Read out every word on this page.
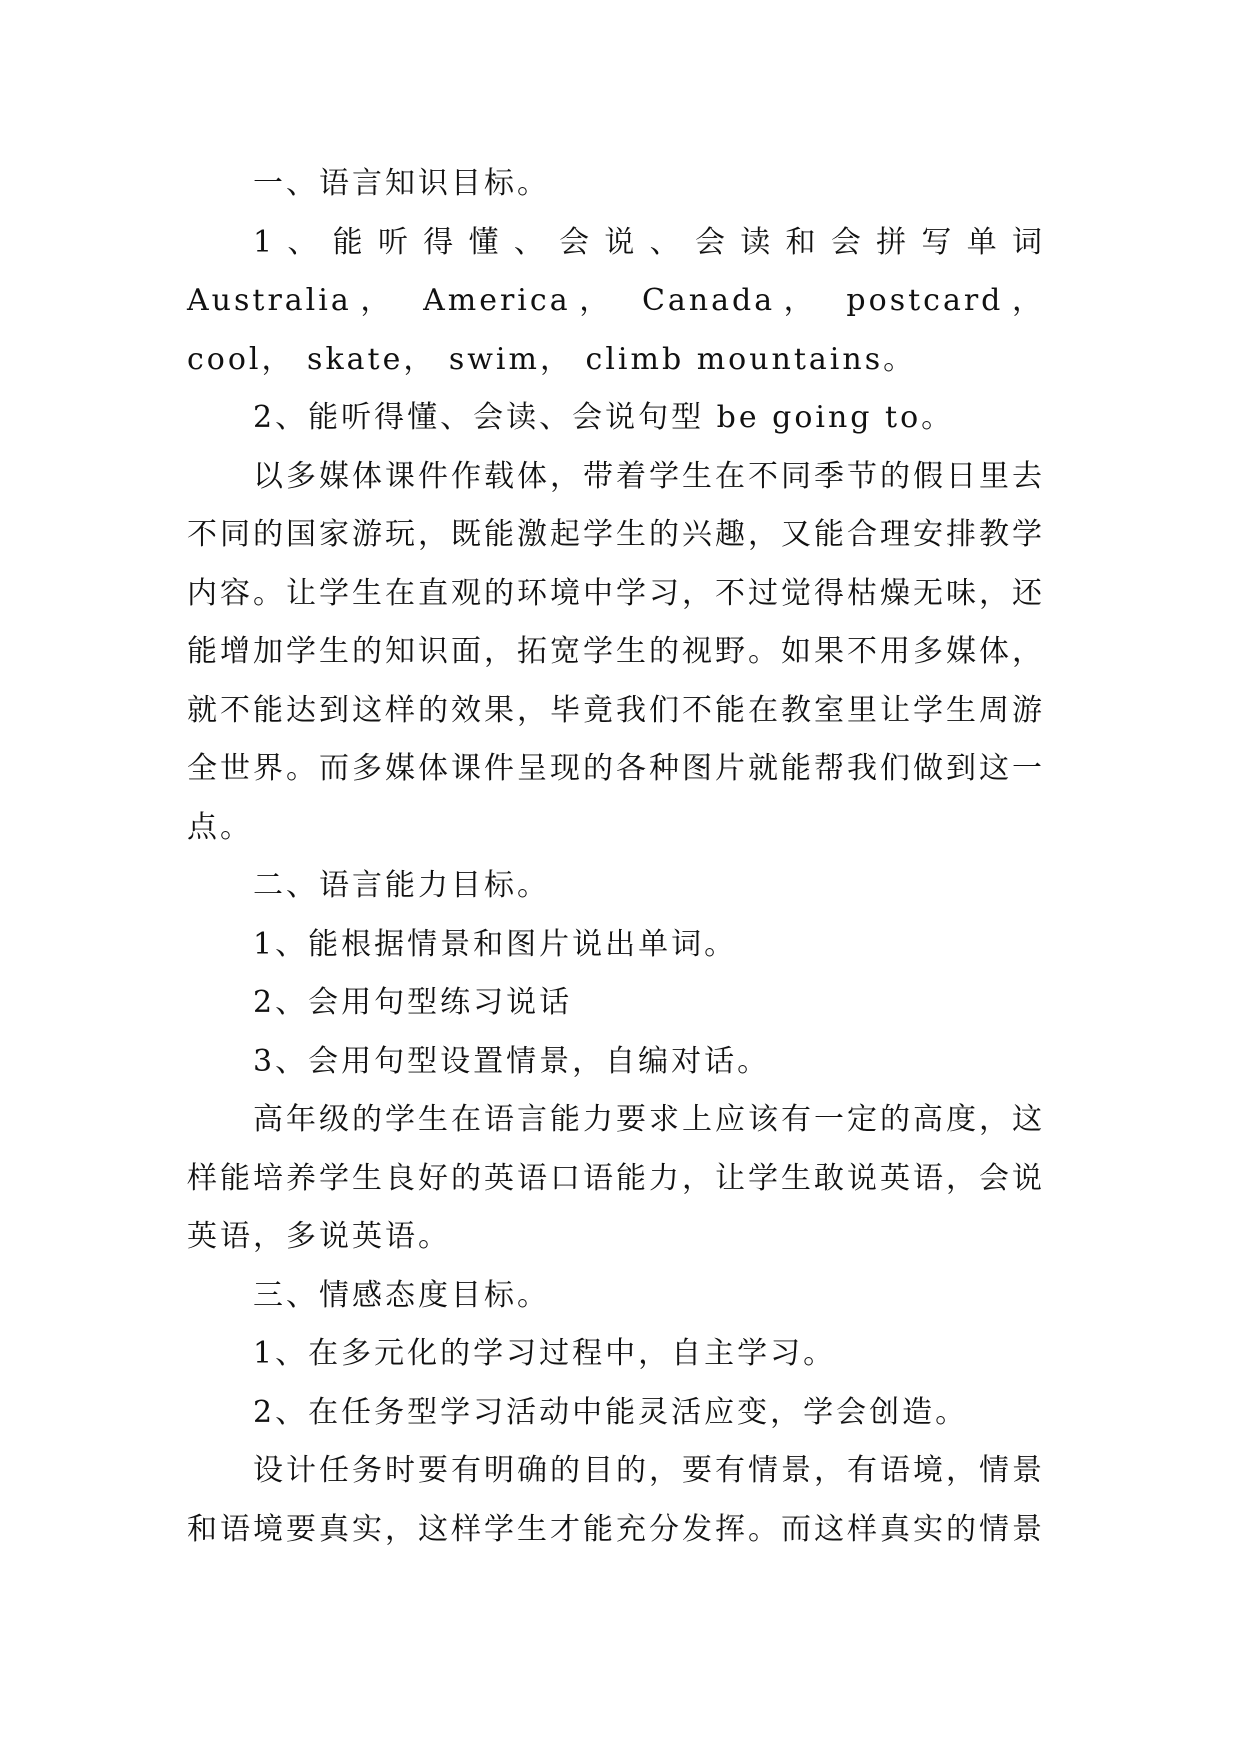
一、语言知识目标。

1、能听得懂、会说、会读和会拼写单词 Australia， America， Canada， postcard， cool， skate， swim， climb mountains。

2、能听得懂、会读、会说句型 be going to。

以多媒体课件作载体，带着学生在不同季节的假日里去不同的国家游玩，既能激起学生的兴趣，又能合理安排教学内容。让学生在直观的环境中学习，不过觉得枯燥无味，还能增加学生的知识面，拓宽学生的视野。如果不用多媒体，就不能达到这样的效果，毕竟我们不能在教室里让学生周游全世界。而多媒体课件呈现的各种图片就能帮我们做到这一点。

二、语言能力目标。

1、能根据情景和图片说出单词。

2、会用句型练习说话

3、会用句型设置情景，自编对话。

高年级的学生在语言能力要求上应该有一定的高度，这样能培养学生良好的英语口语能力，让学生敢说英语，会说英语，多说英语。

三、情感态度目标。

1、在多元化的学习过程中，自主学习。

2、在任务型学习活动中能灵活应变，学会创造。

设计任务时要有明确的目的，要有情景，有语境，情景和语境要真实，这样学生才能充分发挥。而这样真实的情景
